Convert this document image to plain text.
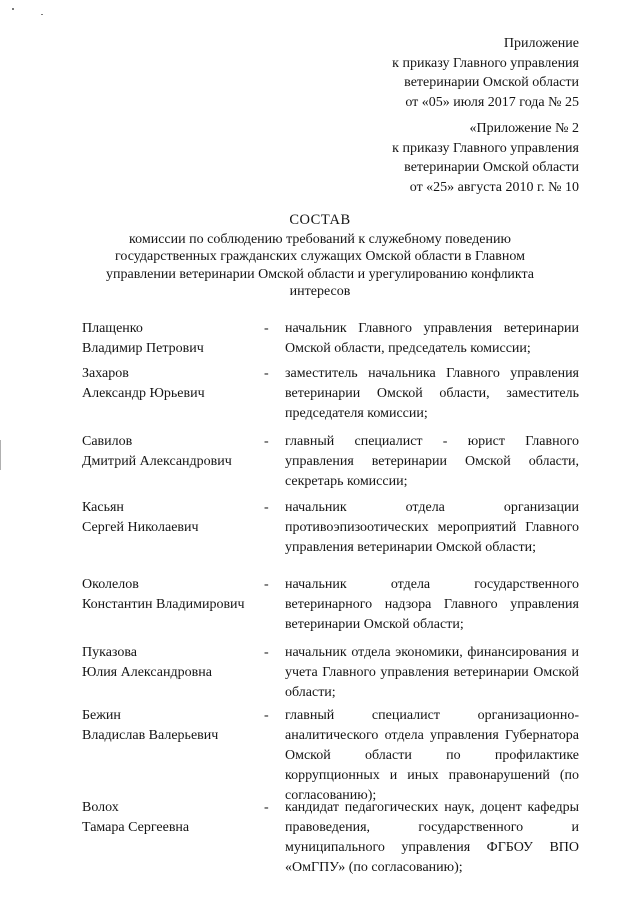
Приложение
к приказу Главного управления
ветеринарии Омской области
от «05» июля 2017 года № 25
«Приложение № 2
к приказу Главного управления
ветеринарии Омской области
от «25» августа 2010 г. № 10
СОСТАВ
комиссии по соблюдению требований к служебному поведению
государственных гражданских служащих Омской области в Главном
управлении ветеринарии Омской области и урегулированию конфликта
интересов
Плащенко
Владимир Петрович
- начальник Главного управления ветеринарии Омской области, председатель комиссии;
Захаров
Александр Юрьевич
- заместитель начальника Главного управления ветеринарии Омской области, заместитель председателя комиссии;
Савилов
Дмитрий Александрович
- главный специалист - юрист Главного управления ветеринарии Омской области, секретарь комиссии;
Касьян
Сергей Николаевич
- начальник отдела организации противоэпизоотических мероприятий Главного управления ветеринарии Омской области;
Околелов
Константин Владимирович
- начальник отдела государственного ветеринарного надзора Главного управления ветеринарии Омской области;
Пуказова
Юлия Александровна
- начальник отдела экономики, финансирования и учета Главного управления ветеринарии Омской области;
Бежин
Владислав Валерьевич
- главный специалист организационно-аналитического отдела управления Губернатора Омской области по профилактике коррупционных и иных правонарушений (по согласованию);
Волох
Тамара Сергеевна
- кандидат педагогических наук, доцент кафедры правоведения, государственного и муниципального управления ФГБОУ ВПО «ОмГПУ» (по согласованию);
